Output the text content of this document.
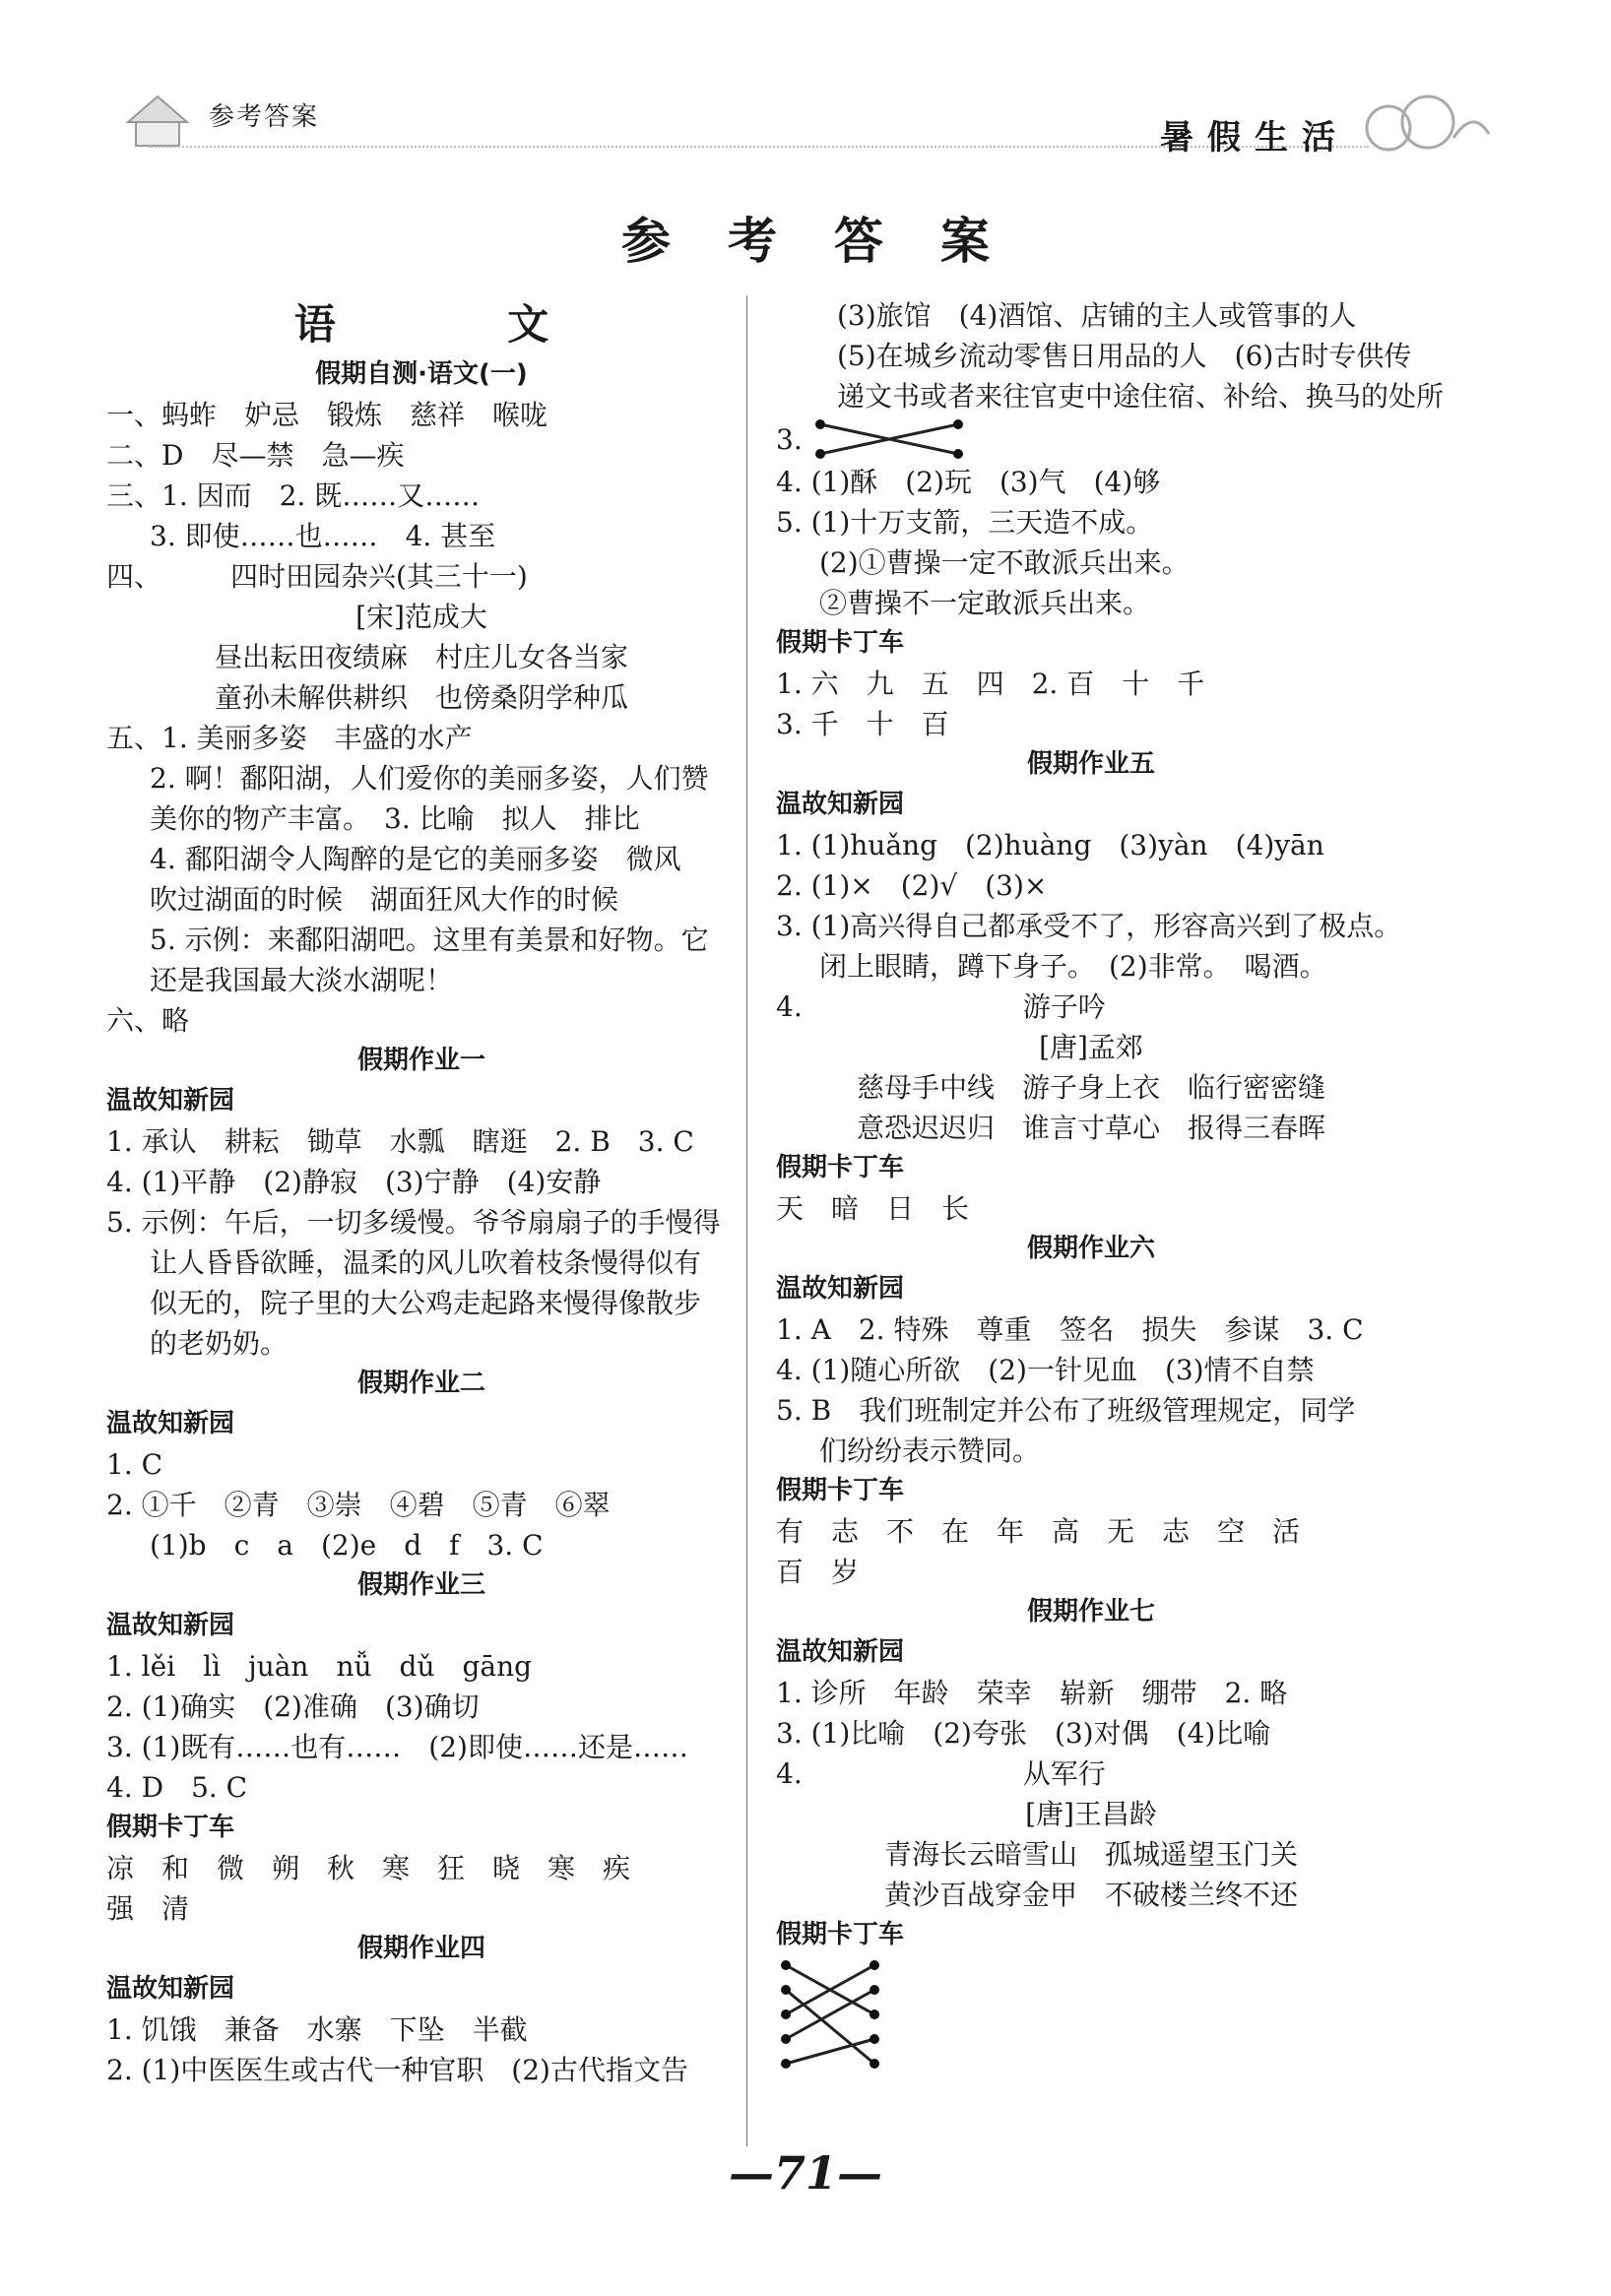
参考答案
暑假生活
参考答案
语 文
假期自测·语文(一)
一、蚂蚱　妒忌　锻炼　慈祥　喉咙
二、D　尽—禁　急—疾
三、1. 因而　2. 既……又……
3. 即使……也……　4. 甚至
四、　　　四时田园杂兴(其三十一)
[宋]范成大
昼出耘田夜绩麻　村庄儿女各当家
童孙未解供耕织　也傍桑阴学种瓜
五、1. 美丽多姿　丰盛的水产
2. 啊！鄱阳湖，人们爱你的美丽多姿，人们赞
美你的物产丰富。　3. 比喻　拟人　排比
4. 鄱阳湖令人陶醉的是它的美丽多姿　微风
吹过湖面的时候　湖面狂风大作的时候
5. 示例：来鄱阳湖吧。这里有美景和好物。它
还是我国最大淡水湖呢！
六、略
假期作业一
温故知新园
1. 承认　耕耘　锄草　水瓢　瞎逛　2. B　3. C
4. (1)平静　(2)静寂　(3)宁静　(4)安静
5. 示例：午后，一切多缓慢。爷爷扇扇子的手慢得
让人昏昏欲睡，温柔的风儿吹着枝条慢得似有
似无的，院子里的大公鸡走起路来慢得像散步
的老奶奶。
假期作业二
温故知新园
1. C
2. ①千　②青　③崇　④碧　⑤青　⑥翠
(1)b　c　a　(2)e　d　f　3. C
假期作业三
温故知新园
1. lěi　lì　juàn　nǚ　dǔ　gāng
2. (1)确实　(2)准确　(3)确切
3. (1)既有……也有……　(2)即使……还是……
4. D　5. C
假期卡丁车
凉　和　微　朔　秋　寒　狂　晓　寒　疾
强　清
假期作业四
温故知新园
1. 饥饿　兼备　水寨　下坠　半截
2. (1)中医医生或古代一种官职　(2)古代指文告
(3)旅馆　(4)酒馆、店铺的主人或管事的人
(5)在城乡流动零售日用品的人　(6)古时专供传
递文书或者来往官吏中途住宿、补给、换马的处所
3.
4. (1)酥　(2)玩　(3)气　(4)够
5. (1)十万支箭，三天造不成。
(2)①曹操一定不敢派兵出来。
②曹操不一定敢派兵出来。
假期卡丁车
1. 六　九　五　四　2. 百　十　千
3. 千　十　百
假期作业五
温故知新园
1. (1)huǎng　(2)huàng　(3)yàn　(4)yān
2. (1)×　(2)√　(3)×
3. (1)高兴得自己都承受不了，形容高兴到了极点。
闭上眼睛，蹲下身子。　(2)非常。　喝酒。
4.　　　　　　　　游子吟
[唐]孟郊
慈母手中线　游子身上衣　临行密密缝
意恐迟迟归　谁言寸草心　报得三春晖
假期卡丁车
天　暗　日　长
假期作业六
温故知新园
1. A　2. 特殊　尊重　签名　损失　参谋　3. C
4. (1)随心所欲　(2)一针见血　(3)情不自禁
5. B　我们班制定并公布了班级管理规定，同学
们纷纷表示赞同。
假期卡丁车
有　志　不　在　年　高　无　志　空　活
百　岁
假期作业七
温故知新园
1. 诊所　年龄　荣幸　崭新　绷带　2. 略
3. (1)比喻　(2)夸张　(3)对偶　(4)比喻
4.　　　　　　　　从军行
[唐]王昌龄
青海长云暗雪山　孤城遥望玉门关
黄沙百战穿金甲　不破楼兰终不还
假期卡丁车
—71—
